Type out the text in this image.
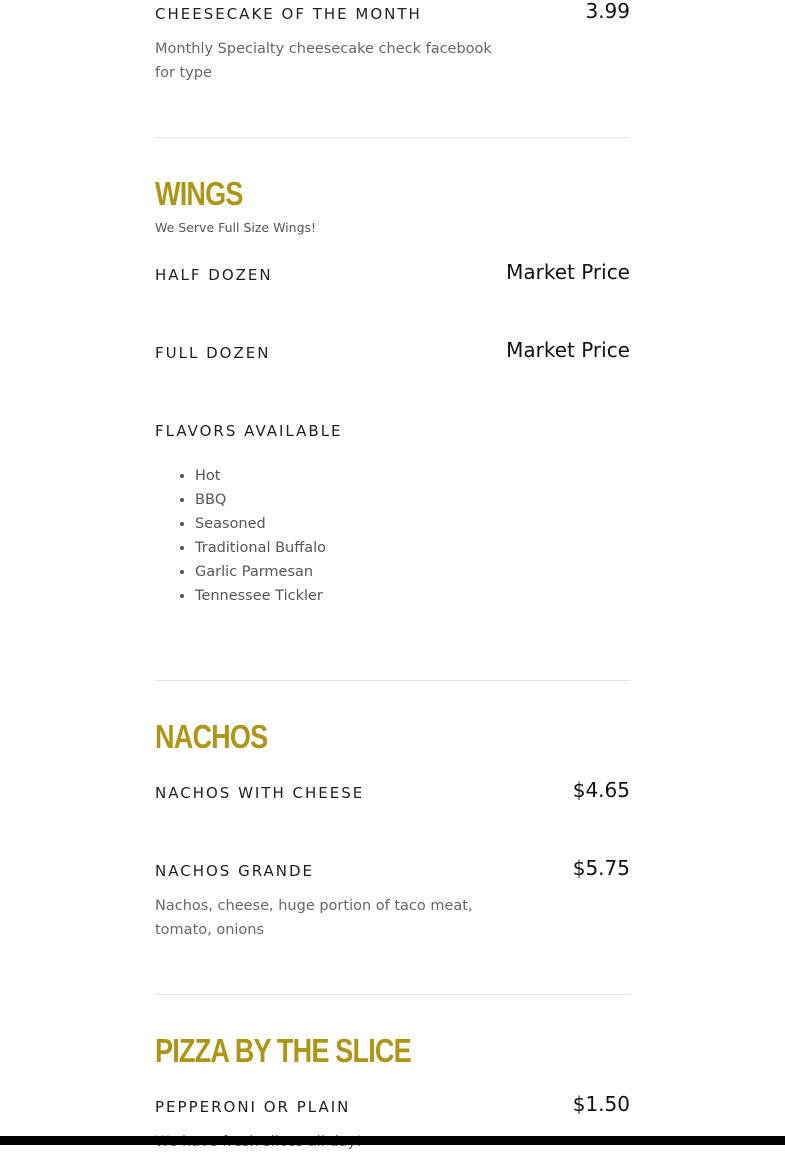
CHEESECAKE OF THE MONTH	3.99
Monthly Specialty cheesecake check facebook for type
WINGS
We Serve Full Size Wings!
HALF DOZEN	Market Price
FULL DOZEN	Market Price
FLAVORS AVAILABLE
• Hot
• BBQ
• Seasoned
• Traditional Buffalo
• Garlic Parmesan
• Tennessee Tickler
NACHOS
NACHOS WITH CHEESE	$4.65
NACHOS GRANDE	$5.75
Nachos, cheese, huge portion of taco meat, tomato, onions
PIZZA BY THE SLICE
PEPPERONI OR PLAIN	$1.50
